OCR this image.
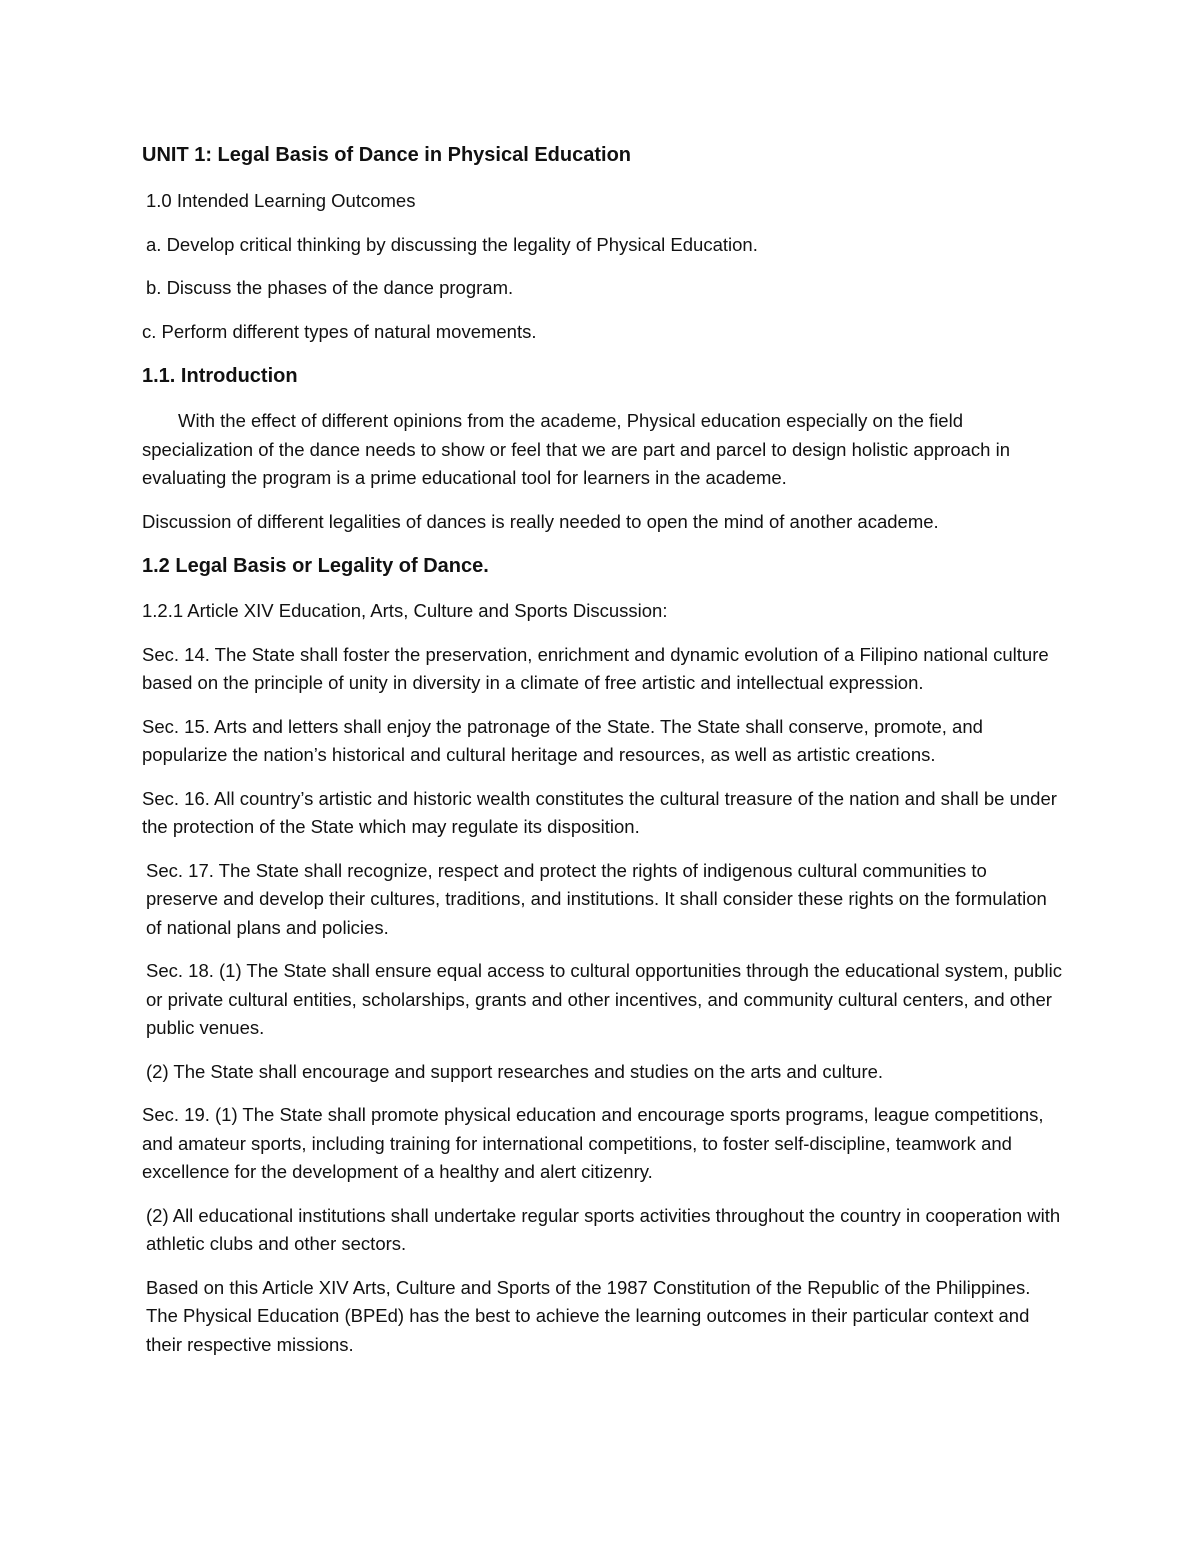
UNIT 1: Legal Basis of Dance in Physical Education

1.0 Intended Learning Outcomes

a. Develop critical thinking by discussing the legality of Physical Education.

b. Discuss the phases of the dance program.

c. Perform different types of natural movements.

1.1. Introduction

With the effect of different opinions from the academe, Physical education especially on the field specialization of the dance needs to show or feel that we are part and parcel to design holistic approach in evaluating the program is a prime educational tool for learners in the academe.

Discussion of different legalities of dances is really needed to open the mind of another academe.

1.2 Legal Basis or Legality of Dance.

1.2.1 Article XIV Education, Arts, Culture and Sports Discussion:

Sec. 14. The State shall foster the preservation, enrichment and dynamic evolution of a Filipino national culture based on the principle of unity in diversity in a climate of free artistic and intellectual expression.

Sec. 15. Arts and letters shall enjoy the patronage of the State. The State shall conserve, promote, and popularize the nation’s historical and cultural heritage and resources, as well as artistic creations.

Sec. 16. All country’s artistic and historic wealth constitutes the cultural treasure of the nation and shall be under the protection of the State which may regulate its disposition.

Sec. 17. The State shall recognize, respect and protect the rights of indigenous cultural communities to preserve and develop their cultures, traditions, and institutions. It shall consider these rights on the formulation of national plans and policies.

Sec. 18. (1) The State shall ensure equal access to cultural opportunities through the educational system, public or private cultural entities, scholarships, grants and other incentives, and community cultural centers, and other public venues.

(2) The State shall encourage and support researches and studies on the arts and culture.

Sec. 19. (1) The State shall promote physical education and encourage sports programs, league competitions, and amateur sports, including training for international competitions, to foster self-discipline, teamwork and excellence for the development of a healthy and alert citizenry.

(2) All educational institutions shall undertake regular sports activities throughout the country in cooperation with athletic clubs and other sectors.

Based on this Article XIV Arts, Culture and Sports of the 1987 Constitution of the Republic of the Philippines. The Physical Education (BPEd) has the best to achieve the learning outcomes in their particular context and their respective missions.
